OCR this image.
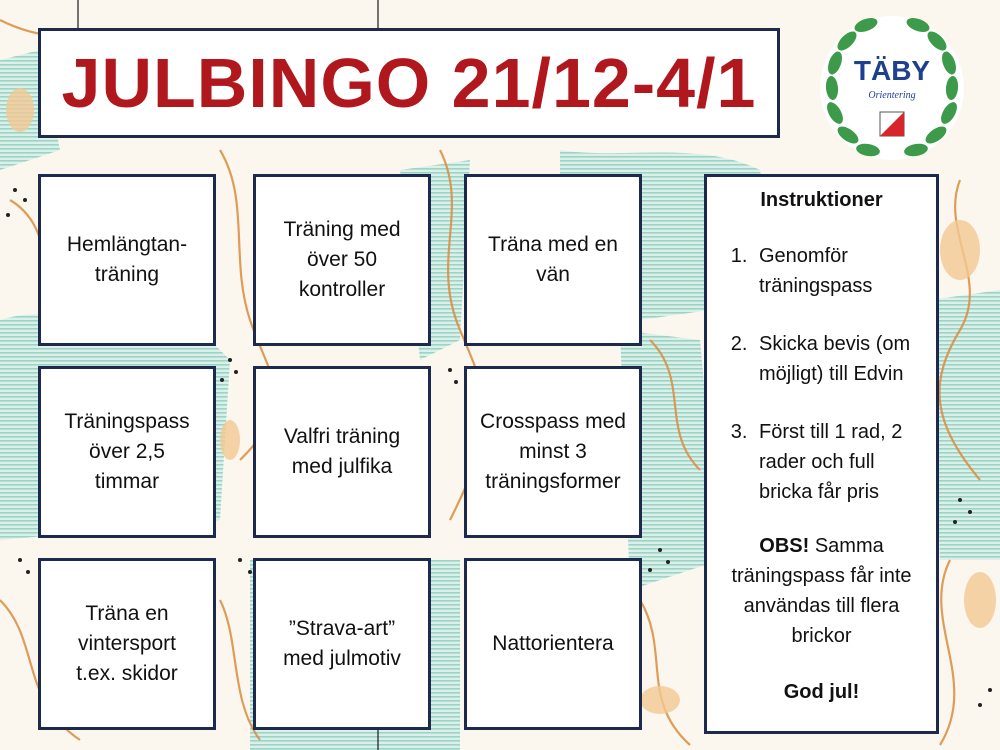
JULBINGO 21/12-4/1	TÄBY
Orientering
Hemlängtan-
träning
Träning med
över 50
kontroller
Träna med en
vän
Träningspass
över 2,5
timmar
Valfri träning
med julfika
Crosspass med
minst 3
träningsformer
Träna en
vintersport
t.ex. skidor
”Strava-art”
med julmotiv
Nattorientera
Instruktioner
1. Genomför träningspass
2. Skicka bevis (om möjligt) till Edvin
3. Först till 1 rad, 2 rader och full bricka får pris
OBS! Samma träningspass får inte användas till flera brickor
God jul!
